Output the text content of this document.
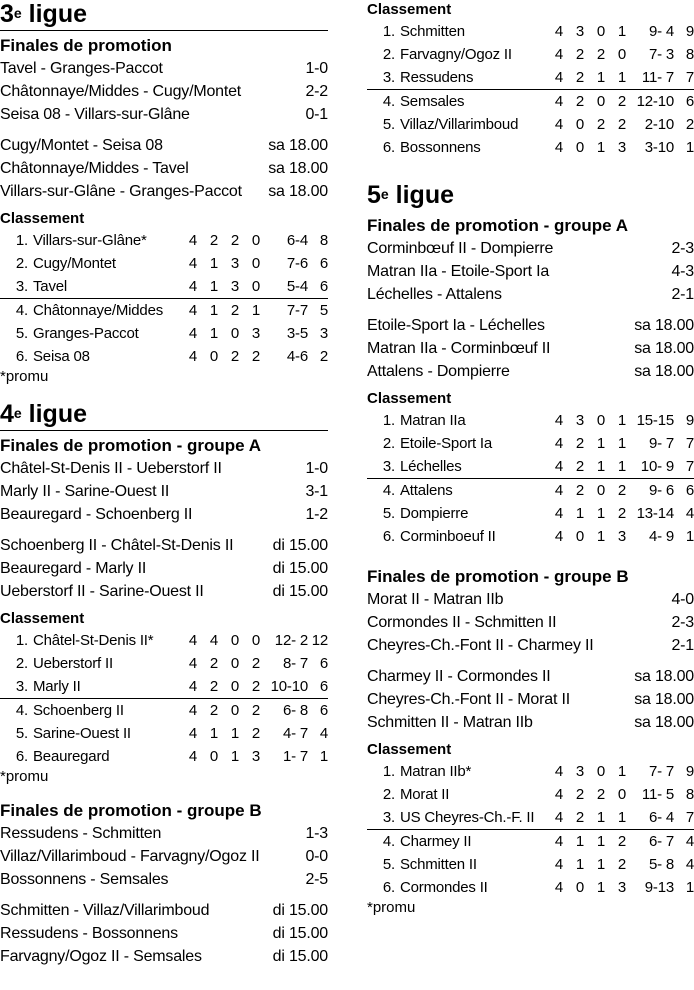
3e ligue
Finales de promotion
Tavel - Granges-Paccot	1-0
Châtonnaye/Middes - Cugy/Montet	2-2
Seisa 08 - Villars-sur-Glâne	0-1
Cugy/Montet - Seisa 08	sa 18.00
Châtonnaye/Middes - Tavel	sa 18.00
Villars-sur-Glâne - Granges-Paccot sa 18.00
Classement
1.	Villars-sur-Glâne*	4	2	2	0	6-4	8
2.	Cugy/Montet	4	1	3	0	7-6	6
3.	Tavel	4	1	3	0	5-4	6
4.	Châtonnaye/Middes	4	1	2	1	7-7	5
5.	Granges-Paccot	4	1	0	3	3-5	3
6.	Seisa 08	4	0	2	2	4-6	2
*promu
4e ligue
Finales de promotion - groupe A
Châtel-St-Denis II - Ueberstorf II	1-0
Marly II - Sarine-Ouest II	3-1
Beauregard - Schoenberg II	1-2
Schoenberg II - Châtel-St-Denis II di 15.00
Beauregard - Marly II	di 15.00
Ueberstorf II - Sarine-Ouest II	di 15.00
Classement
1.	Châtel-St-Denis II*	4	4	0	0	12- 2	12
2.	Ueberstorf II	4	2	0	2	8- 7	6
3.	Marly II	4	2	0	2	10-10	6
4.	Schoenberg II	4	2	0	2	6- 8	6
5.	Sarine-Ouest II	4	1	1	2	4- 7	4
6.	Beauregard	4	0	1	3	1- 7	1
*promu
Finales de promotion - groupe B
Ressudens - Schmitten	1-3
Villaz/Villarimboud - Farvagny/Ogoz II	0-0
Bossonnens - Semsales	2-5
Schmitten - Villaz/Villarimboud	di 15.00
Ressudens - Bossonnens	di 15.00
Farvagny/Ogoz II - Semsales	di 15.00
Classement
1.	Schmitten	4	3	0	1	9- 4	9
2.	Farvagny/Ogoz II	4	2	2	0	7- 3	8
3.	Ressudens	4	2	1	1	11- 7	7
4.	Semsales	4	2	0	2	12-10	6
5.	Villaz/Villarimboud	4	0	2	2	2-10	2
6.	Bossonnens	4	0	1	3	3-10	1
5e ligue
Finales de promotion - groupe A
Corminbœuf II - Dompierre	2-3
Matran IIa - Etoile-Sport Ia	4-3
Léchelles - Attalens	2-1
Etoile-Sport Ia - Léchelles	sa 18.00
Matran IIa - Corminbœuf II	sa 18.00
Attalens - Dompierre	sa 18.00
Classement
1.	Matran IIa	4	3	0	1	15-15	9
2.	Etoile-Sport Ia	4	2	1	1	9- 7	7
3.	Léchelles	4	2	1	1	10- 9	7
4.	Attalens	4	2	0	2	9- 6	6
5.	Dompierre	4	1	1	2	13-14	4
6.	Corminboeuf II	4	0	1	3	4- 9	1
Finales de promotion - groupe B
Morat II - Matran IIb	4-0
Cormondes II - Schmitten II	2-3
Cheyres-Ch.-Font II - Charmey II	2-1
Charmey II - Cormondes II	sa 18.00
Cheyres-Ch.-Font II - Morat II	sa 18.00
Schmitten II - Matran IIb	sa 18.00
Classement
1.	Matran IIb*	4	3	0	1	7- 7	9
2.	Morat II	4	2	2	0	11- 5	8
3.	US Cheyres-Ch.-F. II	4	2	1	1	6- 4	7
4.	Charmey II	4	1	1	2	6- 7	4
5.	Schmitten II	4	1	1	2	5- 8	4
6.	Cormondes II	4	0	1	3	9-13	1
*promu
